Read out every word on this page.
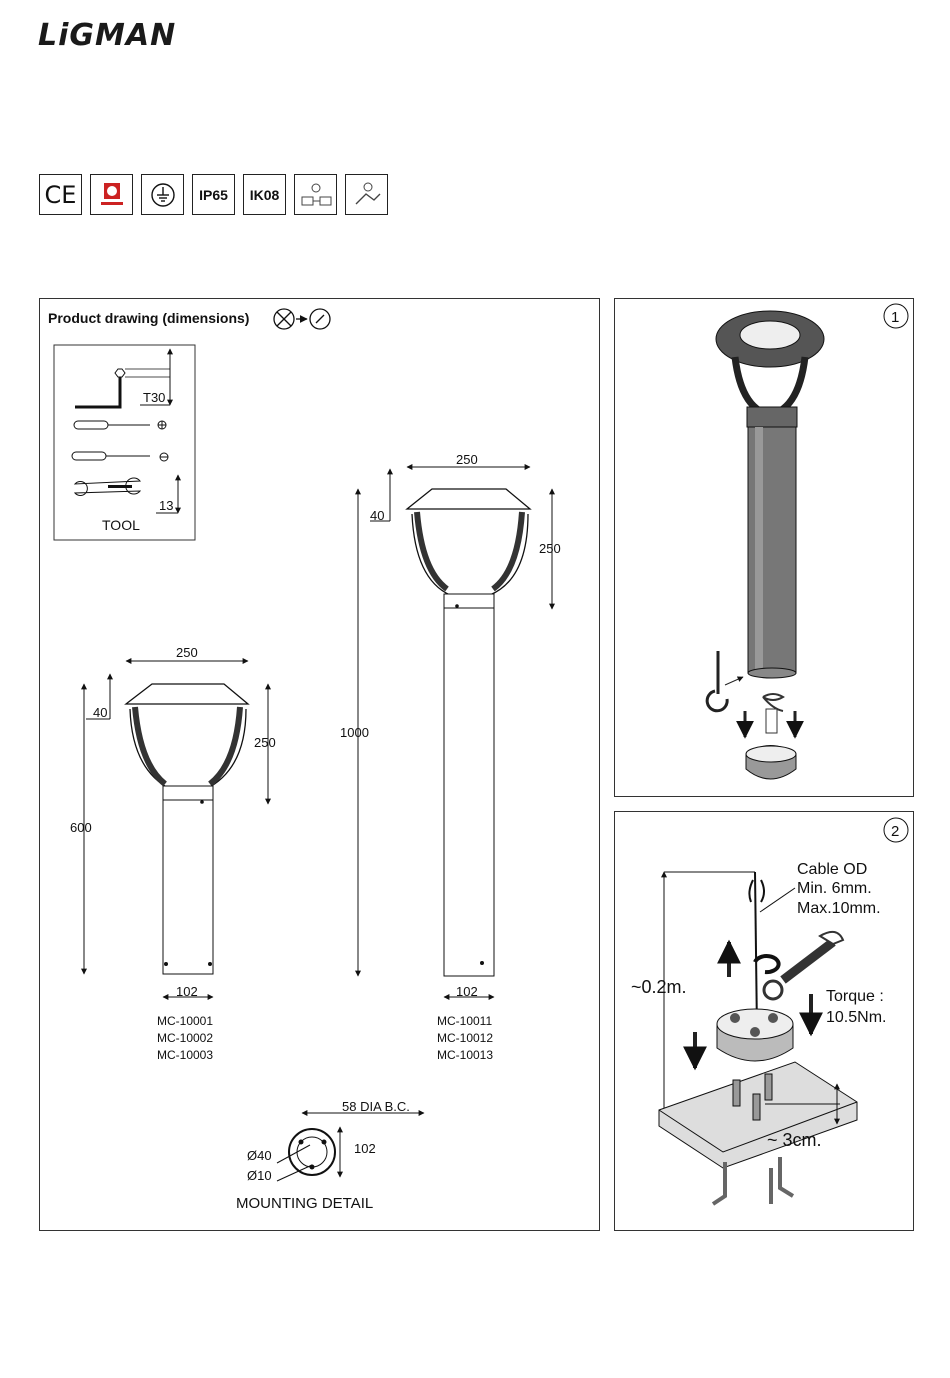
LiGMAN
CE	IP65 IK08
Product drawing (dimensions)
T30
13
TOOL
250
40
250
600
102
MC-10001
MC-10002
MC-10003
250
40
250
1000
102
MC-10011
MC-10012
MC-10013
58 DIA B.C.
102
Ø40
Ø10
MOUNTING DETAIL
1
2
Cable OD
Min. 6mm.
Max.10mm.
~0.2m.	Torque :
10.5Nm.
~ 3cm.
